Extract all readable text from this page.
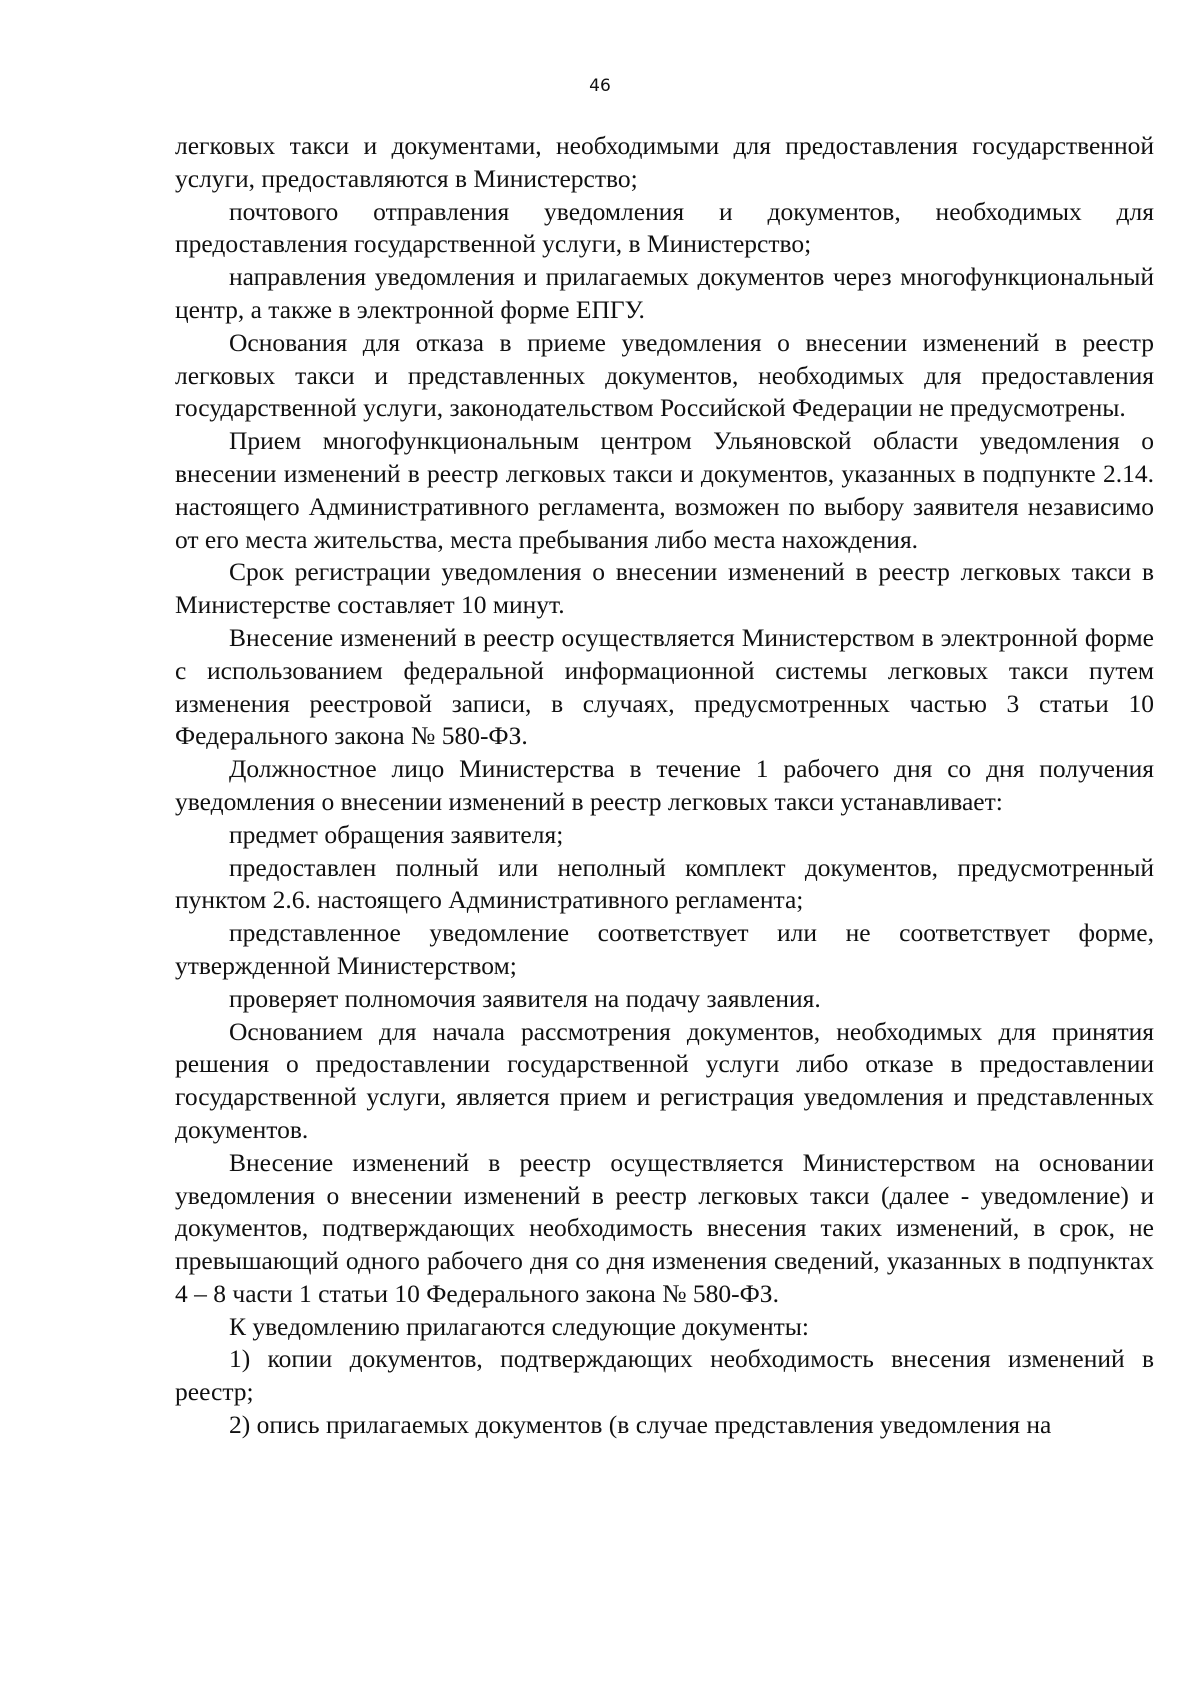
46

легковых такси и документами, необходимыми для предоставления государственной услуги, предоставляются в Министерство;

почтового отправления уведомления и документов, необходимых для предоставления государственной услуги, в Министерство;

направления уведомления и прилагаемых документов через многофункциональный центр, а также в электронной форме ЕПГУ.

Основания для отказа в приеме уведомления о внесении изменений в реестр легковых такси и представленных документов, необходимых для предоставления государственной услуги, законодательством Российской Федерации не предусмотрены.

Прием многофункциональным центром Ульяновской области уведомления о внесении изменений в реестр легковых такси и документов, указанных в подпункте 2.14. настоящего Административного регламента, возможен по выбору заявителя независимо от его места жительства, места пребывания либо места нахождения.

Срок регистрации уведомления о внесении изменений в реестр легковых такси в Министерстве составляет 10 минут.

Внесение изменений в реестр осуществляется Министерством в электронной форме с использованием федеральной информационной системы легковых такси путем изменения реестровой записи, в случаях, предусмотренных частью 3 статьи 10 Федерального закона № 580-ФЗ.

Должностное лицо Министерства в течение 1 рабочего дня со дня получения уведомления о внесении изменений в реестр легковых такси устанавливает:

предмет обращения заявителя;

предоставлен полный или неполный комплект документов, предусмотренный пунктом 2.6. настоящего Административного регламента;

представленное уведомление соответствует или не соответствует форме, утвержденной Министерством;

проверяет полномочия заявителя на подачу заявления.

Основанием для начала рассмотрения документов, необходимых для принятия решения о предоставлении государственной услуги либо отказе в предоставлении государственной услуги, является прием и регистрация уведомления и представленных документов.

Внесение изменений в реестр осуществляется Министерством на основании уведомления о внесении изменений в реестр легковых такси (далее - уведомление) и документов, подтверждающих необходимость внесения таких изменений, в срок, не превышающий одного рабочего дня со дня изменения сведений, указанных в подпунктах 4 – 8 части 1 статьи 10 Федерального закона № 580-ФЗ.

К уведомлению прилагаются следующие документы:

1) копии документов, подтверждающих необходимость внесения изменений в реестр;

2) опись прилагаемых документов (в случае представления уведомления на
